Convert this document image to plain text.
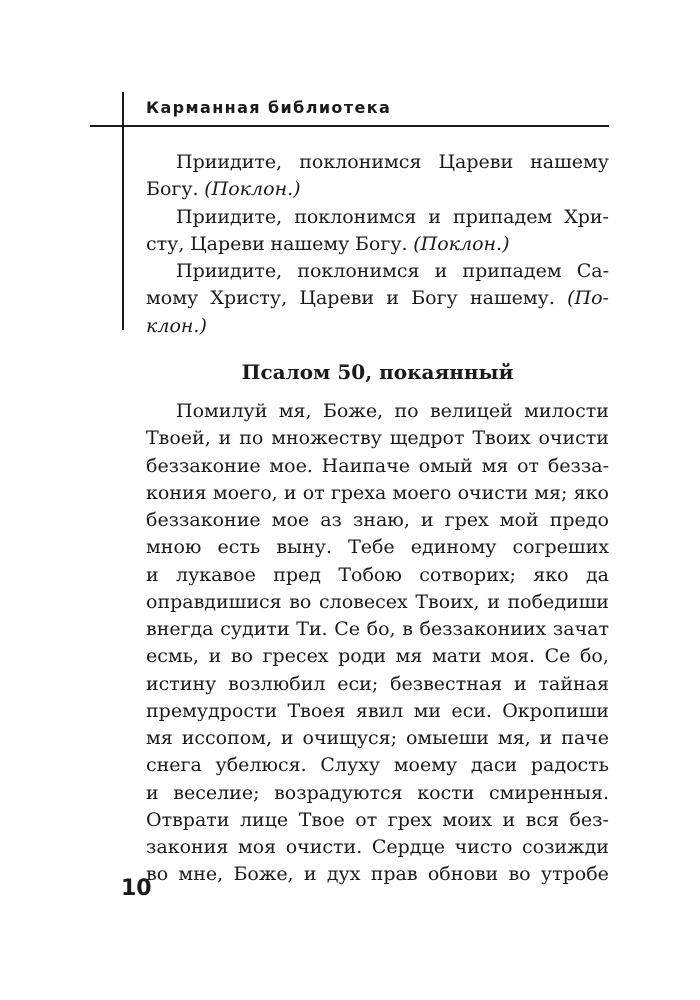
Карманная библиотека
Приидите, поклонимся Цареви нашему
Богу. (Поклон.)
Приидите, поклонимся и припадем Хри-
сту, Цареви нашему Богу. (Поклон.)
Приидите, поклонимся и припадем Са-
мому Христу, Цареви и Богу нашему. (По-
клон.)
Псалом 50, покаянный
Помилуй мя, Боже, по велицей милости
Твоей, и по множеству щедрот Твоих очисти
беззаконие мое. Наипаче омый мя от безза-
кония моего, и от греха моего очисти мя; яко
беззаконие мое аз знаю, и грех мой предо
мною есть выну. Тебе единому согреших
и лукавое пред Тобою сотворих; яко да
оправдишися во словесех Твоих, и победиши
внегда судити Ти. Се бо, в беззакониих зачат
есмь, и во гресех роди мя мати моя. Се бо,
истину возлюбил еси; безвестная и тайная
премудрости Твоея явил ми еси. Окропиши
мя иссопом, и очищуся; омыеши мя, и паче
снега убелюся. Слуху моему даси радость
и веселие; возрадуются кости смиренныя.
Отврати лице Твое от грех моих и вся без-
закония моя очисти. Сердце чисто созижди
во мне, Боже, и дух прав обнови во утробе
10
